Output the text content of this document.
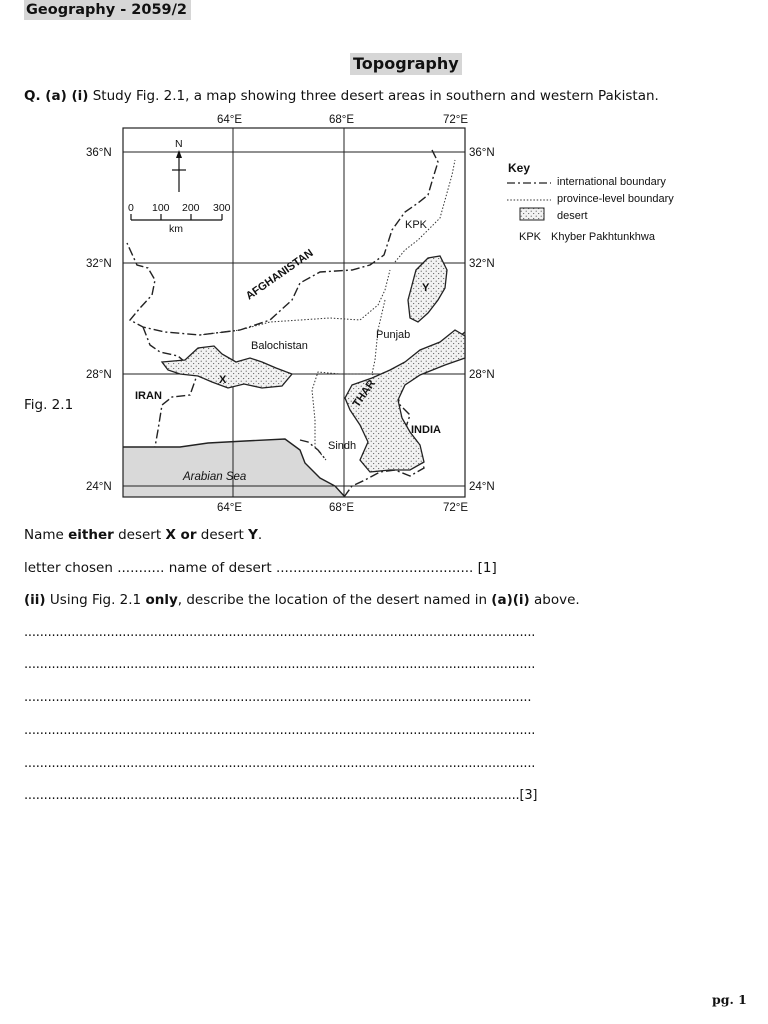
Geography - 2059/2
Topography
Q. (a) (i) Study Fig. 2.1, a map showing three desert areas in southern and western Pakistan.
Fig. 2.1
64°E	68°E	72°E
64°E	68°E	72°E
36°N
32°N
28°N
24°N
36°N
32°N
28°N
24°N
N
0 100 200 300
km
AFGHANISTAN
Balochistan
KPK
Punjab
IRAN
INDIA
Sindh
THAR
Arabian Sea
X
Y
Key
international boundary
province-level boundary
desert
KPK Khyber Pakhtunkhwa
Name either desert X or desert Y.
letter chosen ........... name of desert .............................................. [1]
(ii) Using Fig. 2.1 only, describe the location of the desert named in (a)(i) above.
..................................................................................................................................
..................................................................................................................................
.................................................................................................................................
..................................................................................................................................
..................................................................................................................................
..............................................................................................................................[3]
pg. 1
